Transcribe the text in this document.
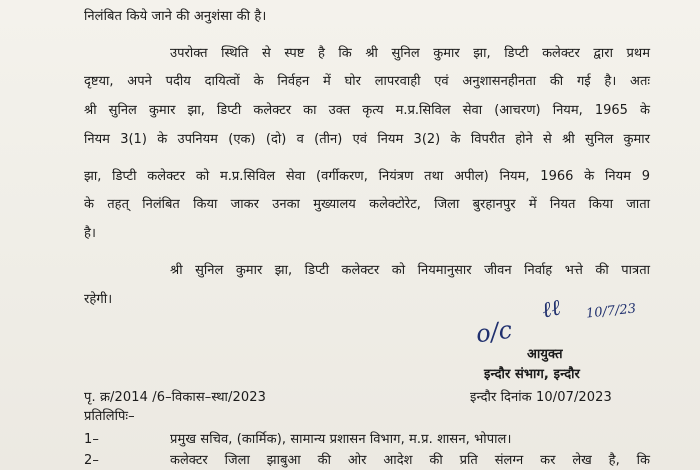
निलंबित किये जाने की अनुशंसा की है।
उपरोक्त स्थिति से स्पष्ट है कि श्री सुनिल कुमार झा, डिप्टी कलेक्टर द्वारा प्रथम
दृष्टया, अपने पदीय दायित्वों के निर्वहन में घोर लापरवाही एवं अनुशासनहीनता की गई है। अतः
श्री सुनिल कुमार झा, डिप्टी कलेक्टर का उक्त कृत्य म.प्र.सिविल सेवा (आचरण) नियम, 1965 के
नियम 3(1) के उपनियम (एक) (दो) व (तीन) एवं नियम 3(2) के विपरीत होने से श्री सुनिल कुमार
झा, डिप्टी कलेक्टर को म.प्र.सिविल सेवा (वर्गीकरण, नियंत्रण तथा अपील) नियम, 1966 के नियम 9
के तहत् निलंबित किया जाकर उनका मुख्यालय कलेक्टोरेट, जिला बुरहानपुर में नियत किया जाता
है।
श्री सुनिल कुमार झा, डिप्टी कलेक्टर को नियमानुसार जीवन निर्वाह भत्ते की पात्रता
रहेगी।
o/c
ℓℓ 10/7/23
आयुक्त
इन्दौर संभाग, इन्दौर
पृ. क्र/2014 /6–विकास–स्था/2023	इन्दौर दिनांक 10/07/2023
प्रतिलिपिः–
1–	प्रमुख सचिव, (कार्मिक), सामान्य प्रशासन विभाग, म.प्र. शासन, भोपाल।
2–	कलेक्टर जिला झाबुआ की ओर आदेश की प्रति संलग्न कर लेख है, कि
